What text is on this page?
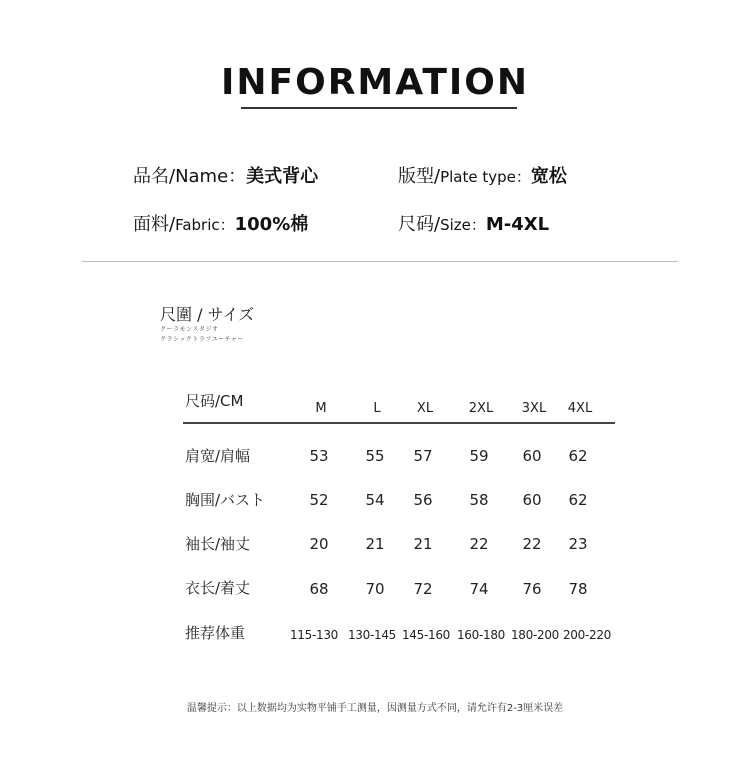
INFORMATION
品名/Name：美式背心	版型/Plate type：宽松
面料/Fabric：100%棉	尺码/Size：M-4XL
尺圍 / サイズ
クーラモンスタジオ
クラシックトラフユーチャー
尺码/CM	M	L	XL	2XL	3XL	4XL
肩宽/肩幅	53	55	57	59	60	62
胸围/バスト	52	54	56	58	60	62
袖长/袖丈	20	21	21	22	22	23
衣长/着丈	68	70	72	74	76	78
推荐体重	115-130 130-145 145-160 160-180 180-200 200-220
温馨提示：以上数据均为实物平铺手工测量，因测量方式不同，请允许有2-3厘米误差
